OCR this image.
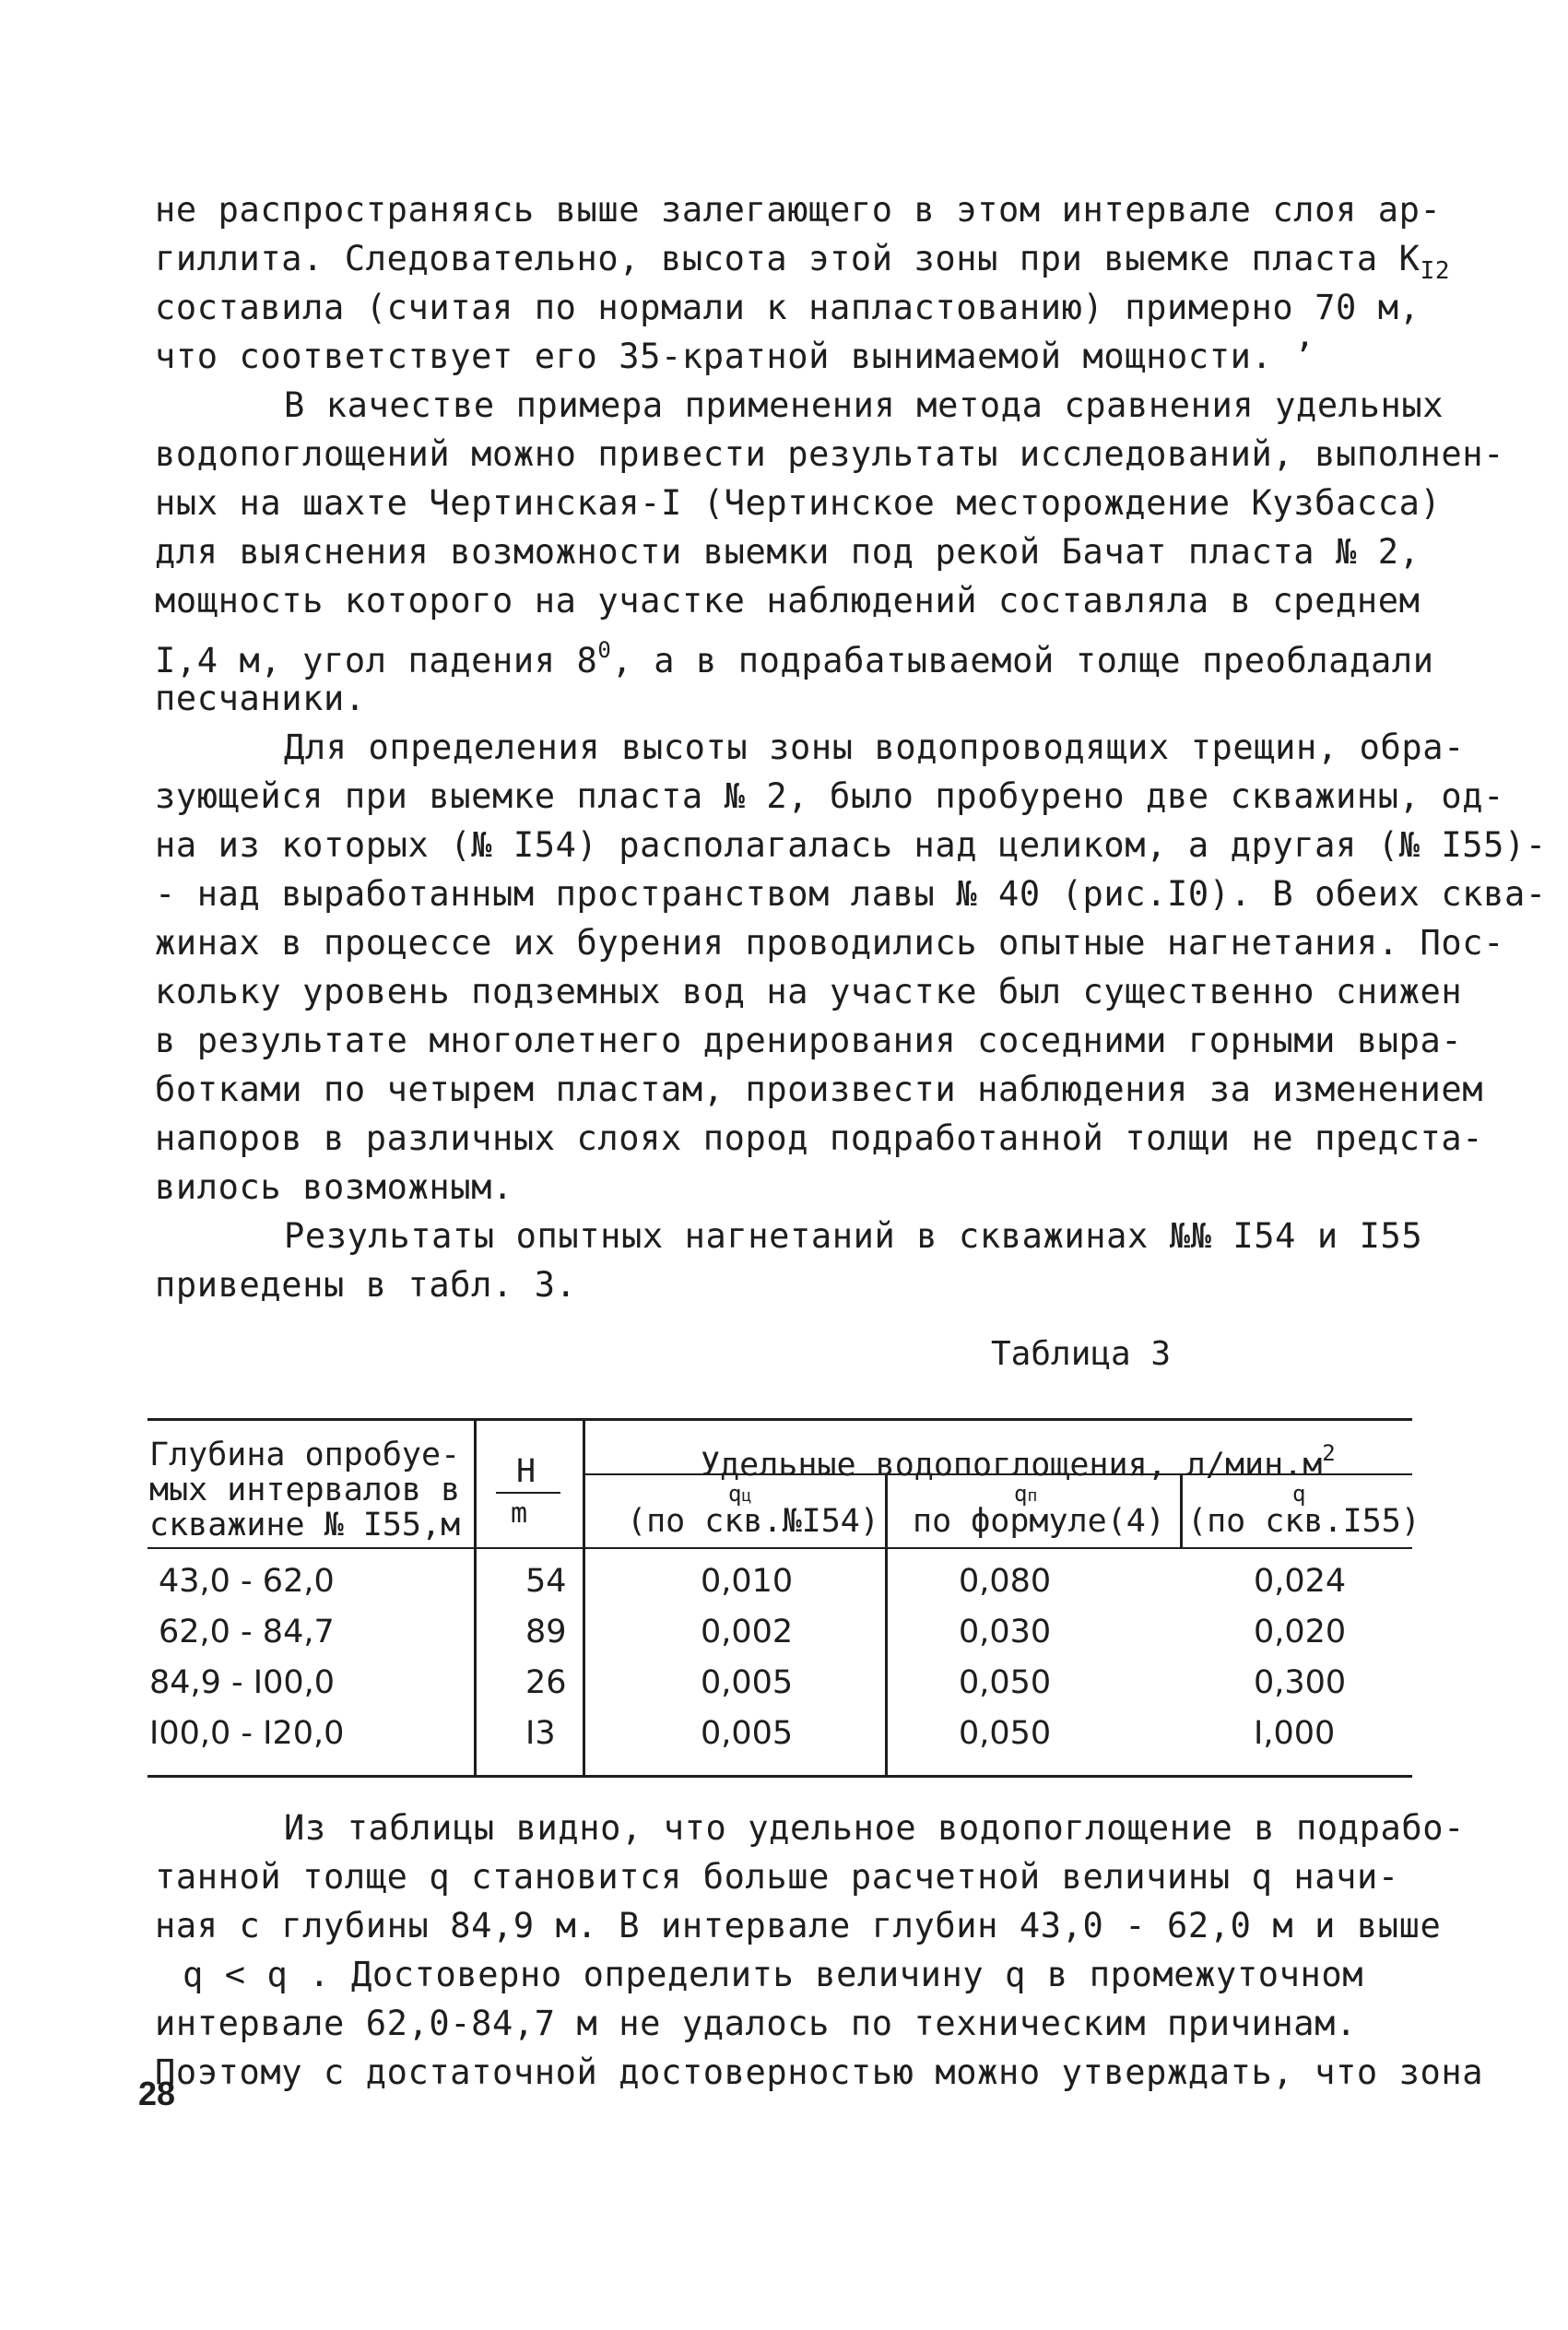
не распространяясь выше залегающего в этом интервале слоя ар-
гиллита. Следовательно, высота этой зоны при выемке пласта $К_{I2}$
составила (считая по нормали к напластованию) примерно 70 м,
что соответствует его 35-кратной вынимаемой мощности. ’
В качестве примера применения метода сравнения удельных
водопоглощений можно привести результаты исследований, выполнен-
ных на шахте Чертинская-I (Чертинское месторождение Кузбасса)
для выяснения возможности выемки под рекой Бачат пласта № 2,
мощность которого на участке наблюдений составляла в среднем
I,4 м, угол падения $8^0$, а в подрабатываемой толще преобладали
песчаники.
Для определения высоты зоны водопроводящих трещин, обра-
зующейся при выемке пласта № 2, было пробурено две скважины, од-
на из которых (№ I54) располагалась над целиком, а другая (№ I55)-
- над выработанным пространством лавы № 40 (рис.I0). В обеих сква-
жинах в процессе их бурения проводились опытные нагнетания. Пос-
кольку уровень подземных вод на участке был существенно снижен
в результате многолетнего дренирования соседними горными выра-
ботками по четырем пластам, произвести наблюдения за изменением
напоров в различных слоях пород подработанной толщи не предста-
вилось возможным.
Результаты опытных нагнетаний в скважинах №№ I54 и I55
приведены в табл. 3.
Таблица 3
Глубина опробуе-
мых интервалов в
скважине № I55,м
H
m
Удельные водопоглощения, $л/мин.м^2$
qц
(по скв.№I54)
qп
по формуле(4)
q
(по скв.I55)
43,0 - 62,0	54	0,010	0,080	0,024
62,0 - 84,7	89	0,002	0,030	0,020
84,9 - I00,0	26	0,005	0,050	0,300
I00,0 - I20,0	I3	0,005	0,050	I,000
Из таблицы видно, что удельное водопоглощение в подрабо-
танной толще q становится больше расчетной величины q начи-
ная с глубины 84,9 м. В интервале глубин 43,0 - 62,0 м и выше
q < q . Достоверно определить величину q в промежуточном
интервале 62,0-84,7 м не удалось по техническим причинам.
Поэтому с достаточной достоверностью можно утверждать, что зона
28
